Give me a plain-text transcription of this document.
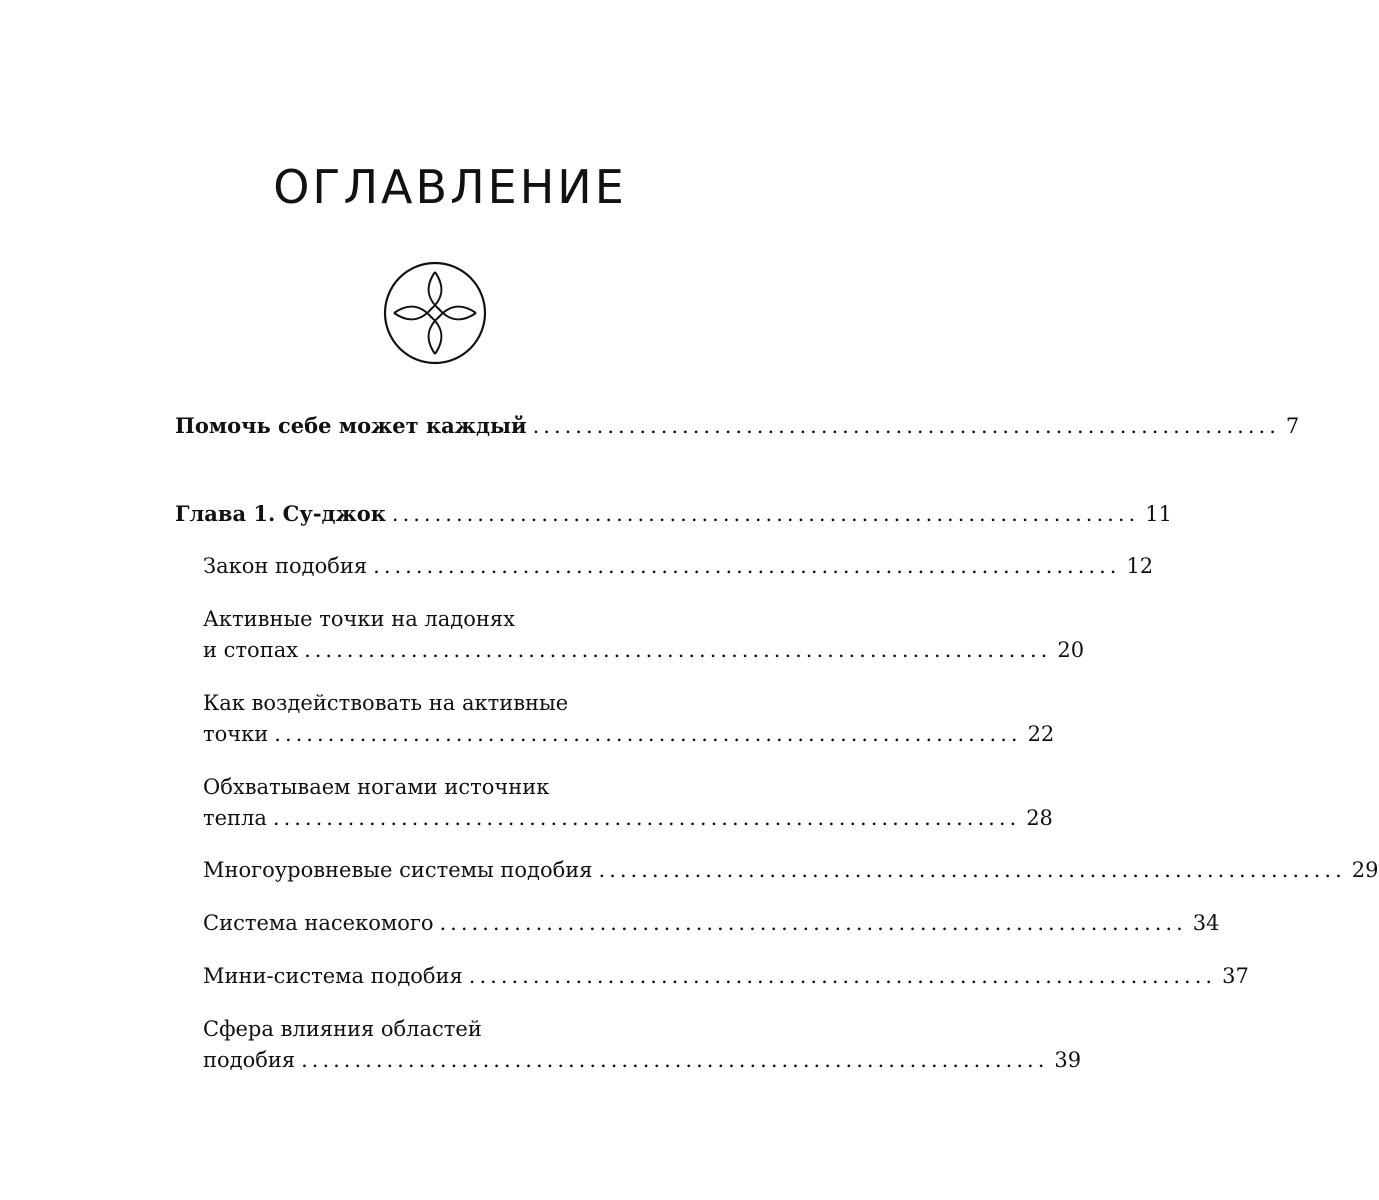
ОГЛАВЛЕНИЕ
Помочь себе может каждый ...................................................................... 7
Глава 1. Су-джок ...................................................................... 11
Закон подобия ...................................................................... 12
Активные точки на ладонях
и стопах ...................................................................... 20
Как воздействовать на активные
точки ...................................................................... 22
Обхватываем ногами источник
тепла ...................................................................... 28
Многоуровневые системы подобия ...................................................................... 29
Система насекомого ...................................................................... 34
Мини-система подобия ...................................................................... 37
Сфера влияния областей
подобия ...................................................................... 39
